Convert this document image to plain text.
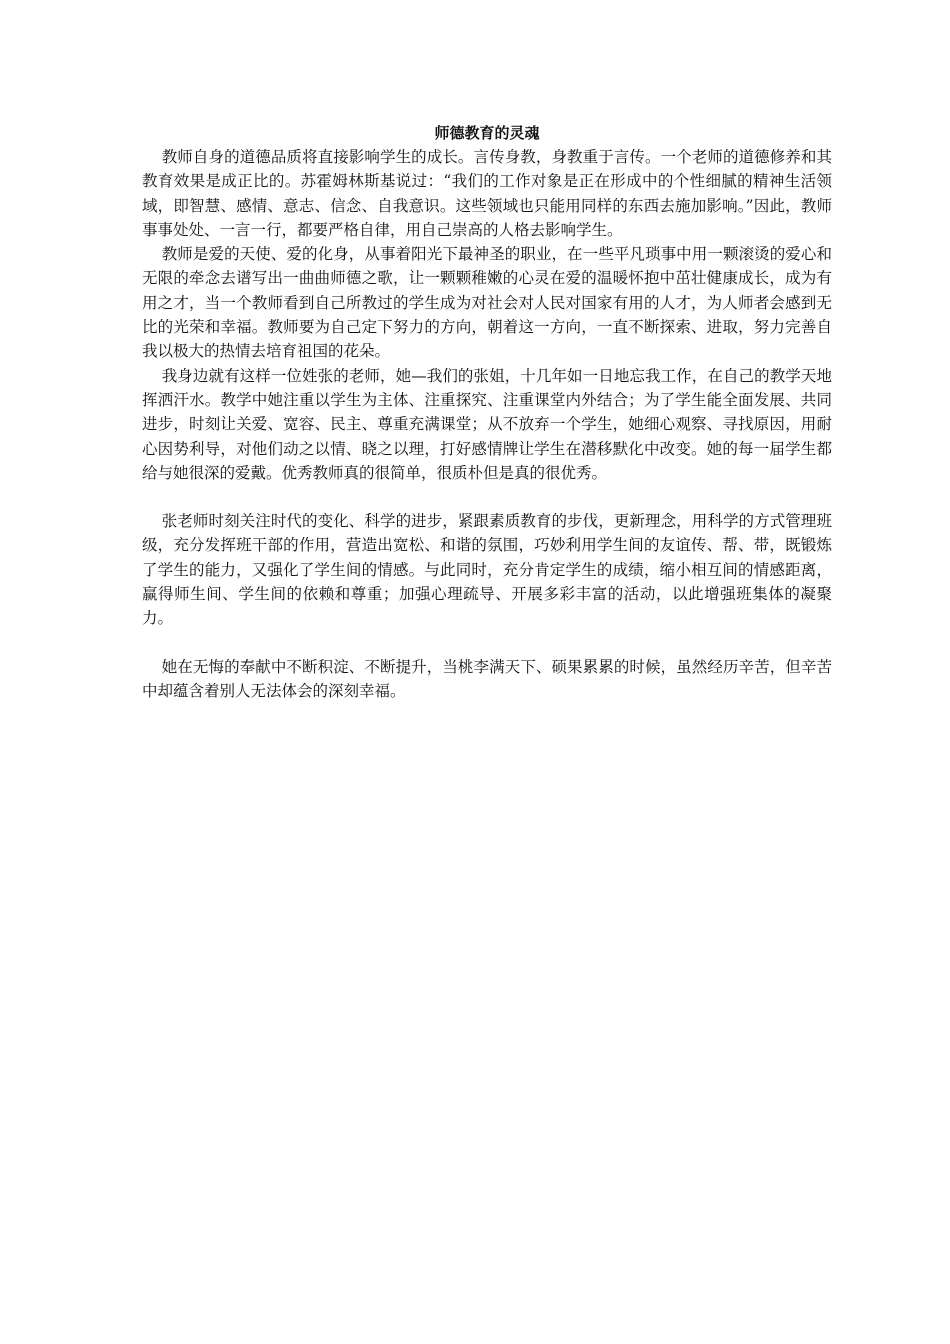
师德教育的灵魂

教师自身的道德品质将直接影响学生的成长。言传身教，身教重于言传。一个老师的道德修养和其教育效果是成正比的。苏霍姆林斯基说过：“我们的工作对象是正在形成中的个性细腻的精神生活领域，即智慧、感情、意志、信念、自我意识。这些领域也只能用同样的东西去施加影响。”因此，教师事事处处、一言一行，都要严格自律，用自己崇高的人格去影响学生。

教师是爱的天使、爱的化身，从事着阳光下最神圣的职业，在一些平凡琐事中用一颗滚烫的爱心和无限的牵念去谱写出一曲曲师德之歌，让一颗颗稚嫩的心灵在爱的温暖怀抱中茁壮健康成长，成为有用之才，当一个教师看到自己所教过的学生成为对社会对人民对国家有用的人才，为人师者会感到无比的光荣和幸福。教师要为自己定下努力的方向，朝着这一方向，一直不断探索、进取，努力完善自我以极大的热情去培育祖国的花朵。

我身边就有这样一位姓张的老师，她—我们的张姐，十几年如一日地忘我工作，在自己的教学天地挥洒汗水。教学中她注重以学生为主体、注重探究、注重课堂内外结合；为了学生能全面发展、共同进步，时刻让关爱、宽容、民主、尊重充满课堂；从不放弃一个学生，她细心观察、寻找原因，用耐心因势利导，对他们动之以情、晓之以理，打好感情牌让学生在潜移默化中改变。她的每一届学生都给与她很深的爱戴。优秀教师真的很简单，很质朴但是真的很优秀。

张老师时刻关注时代的变化、科学的进步，紧跟素质教育的步伐，更新理念，用科学的方式管理班级，充分发挥班干部的作用，营造出宽松、和谐的氛围，巧妙利用学生间的友谊传、帮、带，既锻炼了学生的能力，又强化了学生间的情感。与此同时，充分肯定学生的成绩，缩小相互间的情感距离，赢得师生间、学生间的依赖和尊重；加强心理疏导、开展多彩丰富的活动，以此增强班集体的凝聚力。

她在无悔的奉献中不断积淀、不断提升，当桃李满天下、硕果累累的时候，虽然经历辛苦，但辛苦中却蕴含着别人无法体会的深刻幸福。
